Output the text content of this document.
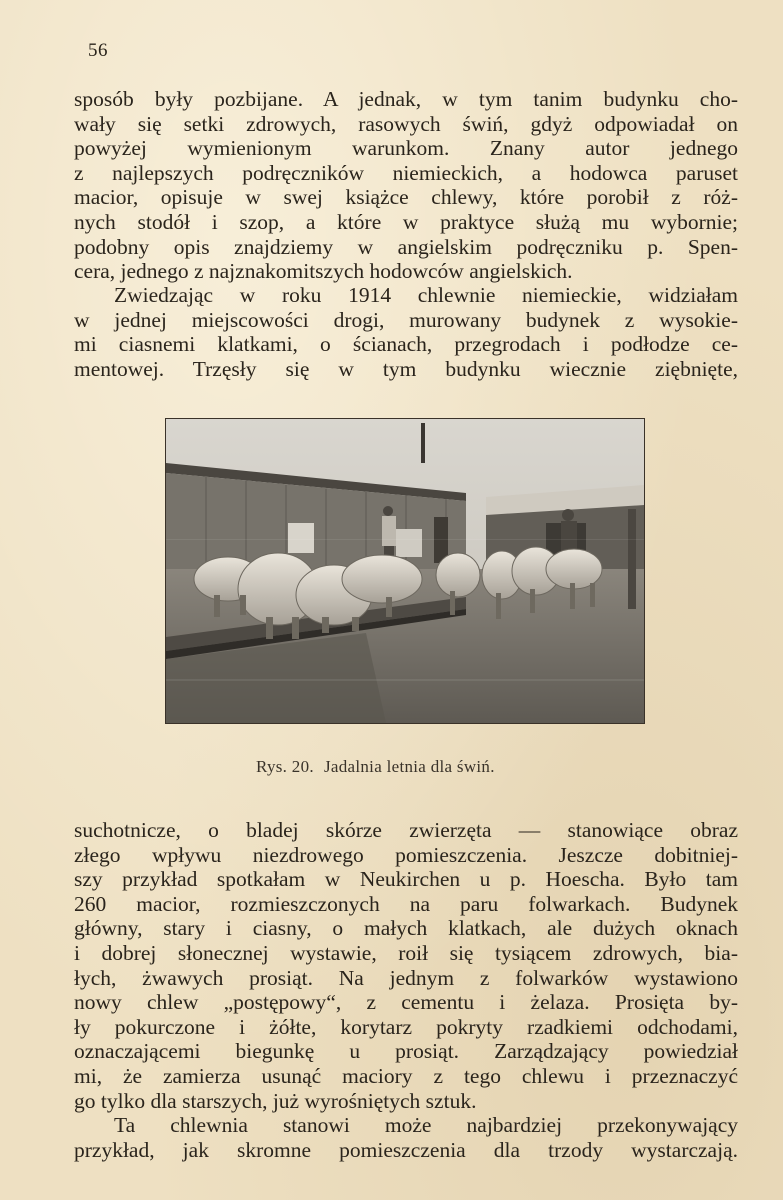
56
sposób były pozbijane. A jednak, w tym tanim budynku cho-
wały się setki zdrowych, rasowych świń, gdyż odpowiadał on
powyżej wymienionym warunkom. Znany autor jednego
z najlepszych podręczników niemieckich, a hodowca paruset
macior, opisuje w swej książce chlewy, które porobił z róż-
nych stodół i szop, a które w praktyce służą mu wybornie;
podobny opis znajdziemy w angielskim podręczniku p. Spen-
cera, jednego z najznakomitszych hodowców angielskich.
Zwiedzając w roku 1914 chlewnie niemieckie, widziałam
w jednej miejscowości drogi, murowany budynek z wysokie-
mi ciasnemi klatkami, o ścianach, przegrodach i podłodze ce-
mentowej. Trzęsły się w tym budynku wiecznie ziębnięte,
Rys. 20. Jadalnia letnia dla świń.
suchotnicze, o bladej skórze zwierzęta — stanowiące obraz
złego wpływu niezdrowego pomieszczenia. Jeszcze dobitniej-
szy przykład spotkałam w Neukirchen u p. Hoescha. Było tam
260 macior, rozmieszczonych na paru folwarkach. Budynek
główny, stary i ciasny, o małych klatkach, ale dużych oknach
i dobrej słonecznej wystawie, roił się tysiącem zdrowych, bia-
łych, żwawych prosiąt. Na jednym z folwarków wystawiono
nowy chlew „postępowy“, z cementu i żelaza. Prosięta by-
ły pokurczone i żółte, korytarz pokryty rzadkiemi odchodami,
oznaczającemi biegunkę u prosiąt. Zarządzający powiedział
mi, że zamierza usunąć maciory z tego chlewu i przeznaczyć
go tylko dla starszych, już wyrośniętych sztuk.
Ta chlewnia stanowi może najbardziej przekonywający
przykład, jak skromne pomieszczenia dla trzody wystarczają.
